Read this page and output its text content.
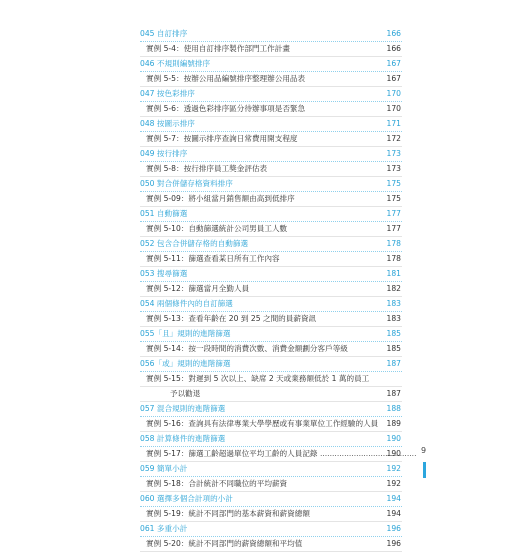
045 自訂排序	166
實例 5-4：使用自訂排序製作部門工作計畫	166
046 不規則編號排序	167
實例 5-5：按辦公用品編號排序整理辦公用品表	167
047 按色彩排序	170
實例 5-6：透過色彩排序區分待辦事項是否緊急	170
048 按圖示排序	171
實例 5-7：按圖示排序查詢日常費用開支程度	172
049 按行排序	173
實例 5-8：按行排序員工獎金評估表	173
050 對合併儲存格資料排序	175
實例 5-09：將小組當月銷售額由高到低排序	175
051 自動篩選	177
實例 5-10：自動篩選統計公司男員工人數	177
052 包含合併儲存格的自動篩選	178
實例 5-11：篩選查看某日所有工作內容	178
053 搜尋篩選	181
實例 5-12：篩選當月全勤人員	182
054 兩個條件內的自訂篩選	183
實例 5-13：查看年齡在 20 到 25 之間的員薪資訊	183
055「且」規則的進階篩選	185
實例 5-14：按一段時間的消費次數、消費金額劃分客戶等級	185
056「或」規則的進階篩選	187
實例 5-15：對遲到 5 次以上、缺席 2 天或業務額低於 1 萬的員工
予以勸退	187
057 混合規則的進階篩選	188
實例 5-16：查詢具有法律專業大學學歷或有事業單位工作經驗的人員 189
058 計算條件的進階篩選	190
實例 5-17：篩選工齡超過單位平均工齡的人員記錄 .....	190
059 簡單小計	192
實例 5-18：合計統計不同職位的平均薪資	192
060 選擇多個合計項的小計	194
實例 5-19：統計不同部門的基本薪資和薪資總額	194
061 多重小計	196
實例 5-20：統計不同部門的薪資總額和平均值	196
9
